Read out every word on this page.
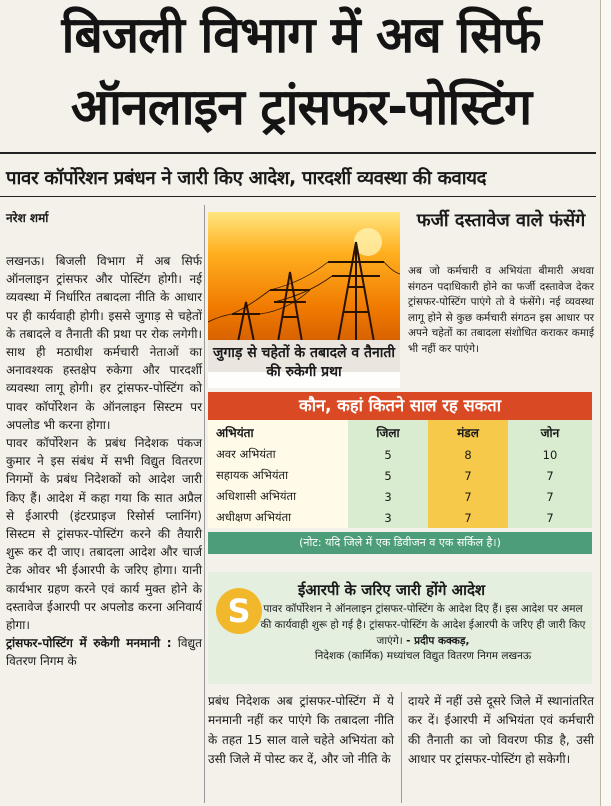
बिजली विभाग में अब सिर्फ
ऑनलाइन ट्रांसफर-पोस्टिंग
पावर कॉर्पोरेशन प्रबंधन ने जारी किए आदेश, पारदर्शी व्यवस्था की कवायद
नरेश शर्मा

लखनऊ। बिजली विभाग में अब सिर्फ ऑनलाइन ट्रांसफर और पोस्टिंग होगी। नई व्यवस्था में निर्धारित तबादला नीति के आधार पर ही कार्यवाही होगी। इससे जुगाड़ से चहेतों के तबादले व तैनाती की प्रथा पर रोक लगेगी। साथ ही मठाधीश कर्मचारी नेताओं का अनावश्यक हस्तक्षेप रुकेगा और पारदर्शी व्यवस्था लागू होगी। हर ट्रांसफर-पोस्टिंग को पावर कॉर्पोरेशन के ऑनलाइन सिस्टम पर अपलोड भी करना होगा।

पावर कॉर्पोरेशन के प्रबंध निदेशक पंकज कुमार ने इस संबंध में सभी विद्युत वितरण निगमों के प्रबंध निदेशकों को आदेश जारी किए हैं। आदेश में कहा गया कि सात अप्रैल से ईआरपी (इंटरप्राइज रिसोर्स प्लानिंग) सिस्टम से ट्रांसफर-पोस्टिंग करने की तैयारी शुरू कर दी जाए। तबादला आदेश और चार्ज टेक ओवर भी ईआरपी के जरिए होगा। यानी कार्यभार ग्रहण करने एवं कार्य मुक्त होने के दस्तावेज ईआरपी पर अपलोड करना अनिवार्य होगा।

ट्रांसफर-पोस्टिंग में रुकेगी मनमानी : विद्युत वितरण निगम के

जुगाड़ से चहेतों के तबादले व तैनाती की रुकेगी प्रथा
फर्जी दस्तावेज वाले फंसेंगे
अब जो कर्मचारी व अभियंता बीमारी अथवा संगठन पदाधिकारी होने का फर्जी दस्तावेज देकर ट्रांसफर-पोस्टिंग पाएंगे तो वे फंसेंगे। नई व्यवस्था लागू होने से कुछ कर्मचारी संगठन इस आधार पर अपने चहेतों का तबादला संशोधित कराकर कमाई भी नहीं कर पाएंगे।
कौन, कहां कितने साल रह सकता
अभियंता	जिला	मंडल	जोन
अवर अभियंता	5	8	10
सहायक अभियंता	5	7	7
अधिशासी अभियंता	3	7	7
अधीक्षण अभियंता	3	7	7
(नोट: यदि जिले में एक डिवीजन व एक सर्किल है।)
S
ईआरपी के जरिए जारी होंगे आदेश
पावर कॉर्पोरेशन ने ऑनलाइन ट्रांसफर-पोस्टिंग के आदेश दिए हैं। इस आदेश पर अमल की कार्यवाही शुरू हो गई है। ट्रांसफर-पोस्टिंग के आदेश ईआरपी के जरिए ही जारी किए जाएंगे। - प्रदीप कक्कड़,
निदेशक (कार्मिक) मध्यांचल विद्युत वितरण निगम लखनऊ
प्रबंध निदेशक अब ट्रांसफर-पोस्टिंग में ये मनमानी नहीं कर पाएंगे कि तबादला नीति के तहत 15 साल वाले चहेते अभियंता को उसी जिले में पोस्ट कर दें, और जो नीति के
दायरे में नहीं उसे दूसरे जिले में स्थानांतरित कर दें। ईआरपी में अभियंता एवं कर्मचारी की तैनाती का जो विवरण फीड है, उसी आधार पर ट्रांसफर-पोस्टिंग हो सकेगी।
